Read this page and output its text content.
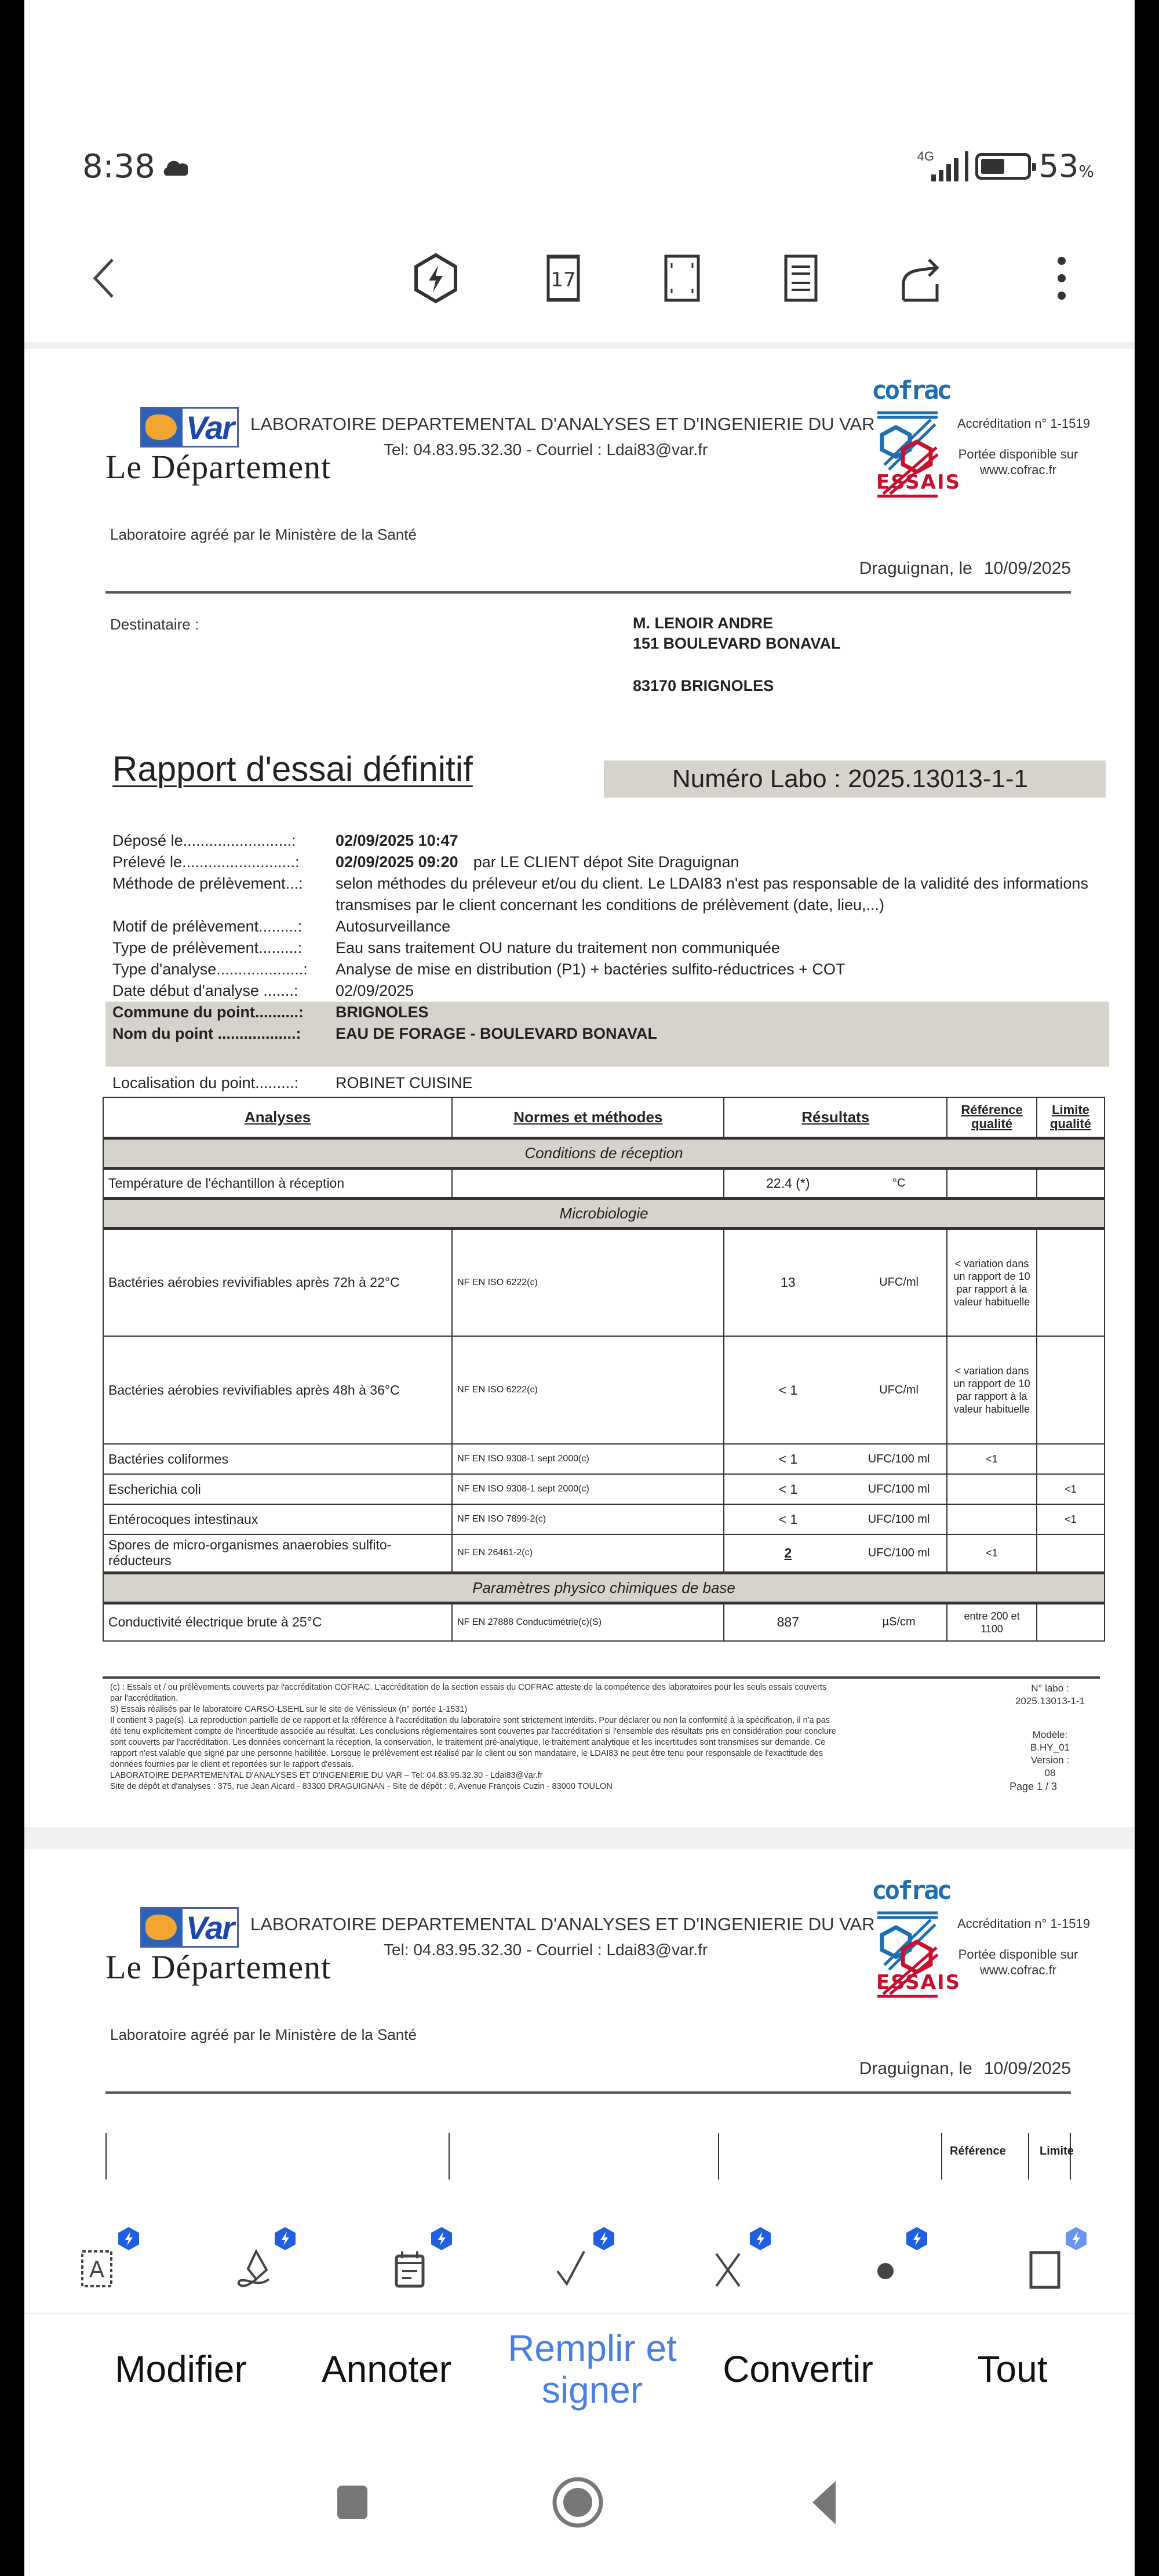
8:38	4G	53%
17
Var
Le Département
LABORATOIRE DEPARTEMENTAL D'ANALYSES ET D'INGENIERIE DU VAR
Tel: 04.83.95.32.30 - Courriel : Ldai83@var.fr
cofrac
ESSAIS
Accréditation n° 1-1519
Portée disponible sur www.cofrac.fr
Laboratoire agréé par le Ministère de la Santé
Draguignan, le 10/09/2025
Destinataire :	M. LENOIR ANDRE
151 BOULEVARD BONAVAL
83170 BRIGNOLES
Rapport d'essai définitif	Numéro Labo : 2025.13013-1-1
Déposé le.........................:	02/09/2025 10:47
Prélevé le..........................:	02/09/2025 09:20 par LE CLIENT dépot Site Draguignan
Méthode de prélèvement...:	selon méthodes du préleveur et/ou du client. Le LDAI83 n'est pas responsable de la validité des informations transmises par le client concernant les conditions de prélèvement (date, lieu,...)
Motif de prélèvement.........:	Autosurveillance
Type de prélèvement.........:	Eau sans traitement OU nature du traitement non communiquée
Type d'analyse....................:	Analyse de mise en distribution (P1) + bactéries sulfito-réductrices + COT
Date début d'analyse .......:	02/09/2025
Commune du point..........:	BRIGNOLES
Nom du point ..................:	EAU DE FORAGE - BOULEVARD BONAVAL
Localisation du point.........:	ROBINET CUISINE
Analyses	Normes et méthodes	Résultats		Référence qualité	Limite qualité
Conditions de réception					
Température de l'échantillon à réception		22.4 (*)	°C		
Microbiologie					
Bactéries aérobies revivifiables après 72h à 22°C	NF EN ISO 6222(c)	13	UFC/ml	< variation dans un rapport de 10 par rapport à la valeur habituelle	
Bactéries aérobies revivifiables après 48h à 36°C	NF EN ISO 6222(c)	< 1	UFC/ml	< variation dans un rapport de 10 par rapport à la valeur habituelle	
Bactéries coliformes	NF EN ISO 9308-1 sept 2000(c)	< 1	UFC/100 ml	<1	
Escherichia coli	NF EN ISO 9308-1 sept 2000(c)	< 1	UFC/100 ml		<1
Entérocoques intestinaux	NF EN ISO 7899-2(c)	< 1	UFC/100 ml		<1
Spores de micro-organismes anaerobies sulfito-réducteurs	NF EN 26461-2(c)	2	UFC/100 ml	<1	
Paramètres physico chimiques de base					
Conductivité électrique brute à 25°C	NF EN 27888 Conductimétrie(c)(S)	887	µS/cm	entre 200 et 1100	
(c) : Essais et / ou prélèvements couverts par l'accréditation COFRAC. L'accréditation de la section essais du COFRAC atteste de la compétence des laboratoires pour les seuls essais couverts par l'accréditation.
S) Essais réalisés par le laboratoire CARSO-LSEHL sur le site de Vénissieux (n° portée 1-1531)
Il contient 3 page(s). La reproduction partielle de ce rapport et la référence à l'accréditation du laboratoire sont strictement interdits. Pour déclarer ou non la conformité à la spécification, il n'a pas été tenu explicitement compte de l'incertitude associée au résultat. Les conclusions réglementaires sont couvertes par l'accréditation si l'ensemble des résultats pris en considération pour conclure sont couverts par l'accréditation. Les données concernant la réception, la conservation, le traitement pré-analytique, le traitement analytique et les incertitudes sont transmises sur demande. Ce rapport n'est valable que signé par une personne habilitée. Lorsque le prélèvement est réalisé par le client ou son mandataire, le LDAI83 ne peut être tenu pour responsable de l'exactitude des données fournies par le client et reportées sur le rapport d'essais.
LABORATOIRE DEPARTEMENTAL D'ANALYSES ET D'INGENIERIE DU VAR – Tel: 04.83.95.32.30 - Ldai83@var.fr
Site de dépôt et d'analyses : 375, rue Jean Aicard - 83300 DRAGUIGNAN - Site de dépôt : 6, Avenue François Cuzin - 83000 TOULON
N° labo :
2025.13013-1-1
Modèle:
B.HY_01
Version :
08
Page 1 / 3
Var
Le Département
LABORATOIRE DEPARTEMENTAL D'ANALYSES ET D'INGENIERIE DU VAR
Tel: 04.83.95.32.30 - Courriel : Ldai83@var.fr
cofrac
ESSAIS
Accréditation n° 1-1519
Portée disponible sur www.cofrac.fr
Laboratoire agréé par le Ministère de la Santé
Draguignan, le 10/09/2025
Référence	Limite
A
Modifier	Annoter	Remplir et signer	Convertir	Tout
